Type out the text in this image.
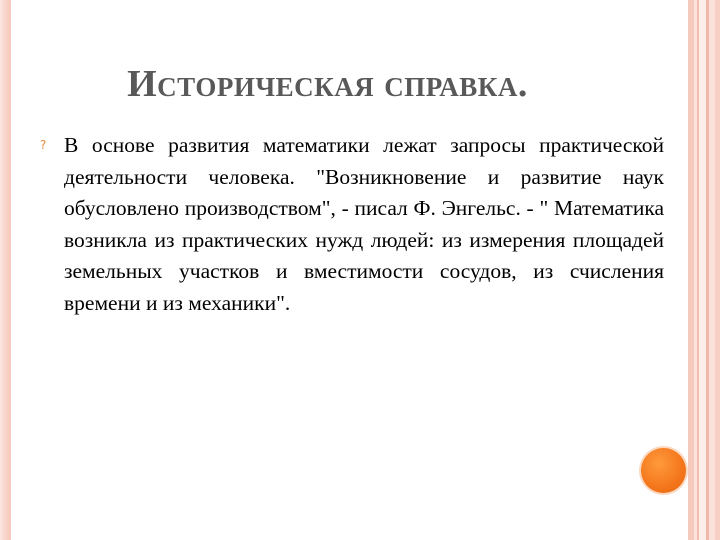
Историческая справка.
? В основе развития математики лежат запросы практической деятельности человека. "Возникновение и развитие наук обусловлено производством", - писал Ф. Энгельс. - " Математика возникла из практических нужд людей: из измерения площадей земельных участков и вместимости сосудов, из счисления времени и из механики".
